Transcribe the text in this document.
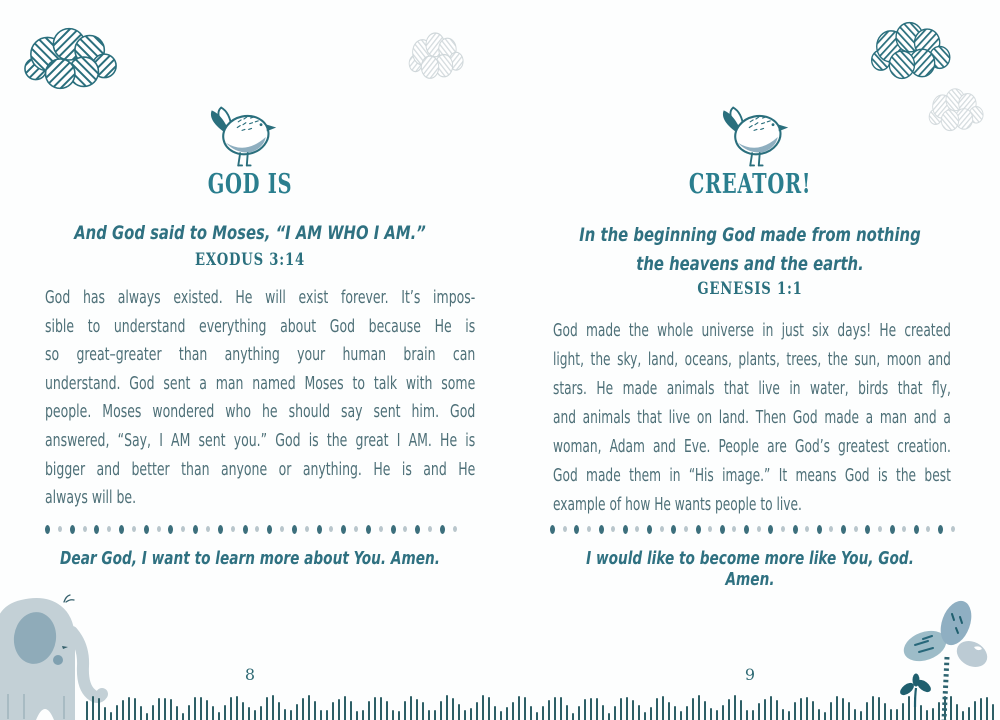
GOD IS
And God said to Moses, “I AM WHO I AM.”
EXODUS 3:14
God has always existed. He will exist forever. It’s impos-
sible to understand everything about God because He is
so great–greater than anything your human brain can
understand. God sent a man named Moses to talk with some
people. Moses wondered who he should say sent him. God
answered, “Say, I AM sent you.” God is the great I AM. He is
bigger and better than anyone or anything. He is and He
always will be.
Dear God, I want to learn more about You. Amen.
8
CREATOR!
In the beginning God made from nothing
the heavens and the earth.
GENESIS 1:1
God made the whole universe in just six days! He created
light, the sky, land, oceans, plants, trees, the sun, moon and
stars. He made animals that live in water, birds that fly,
and animals that live on land. Then God made a man and a
woman, Adam and Eve. People are God’s greatest creation.
God made them in “His image.” It means God is the best
example of how He wants people to live.
I would like to become more like You, God. Amen.
9
